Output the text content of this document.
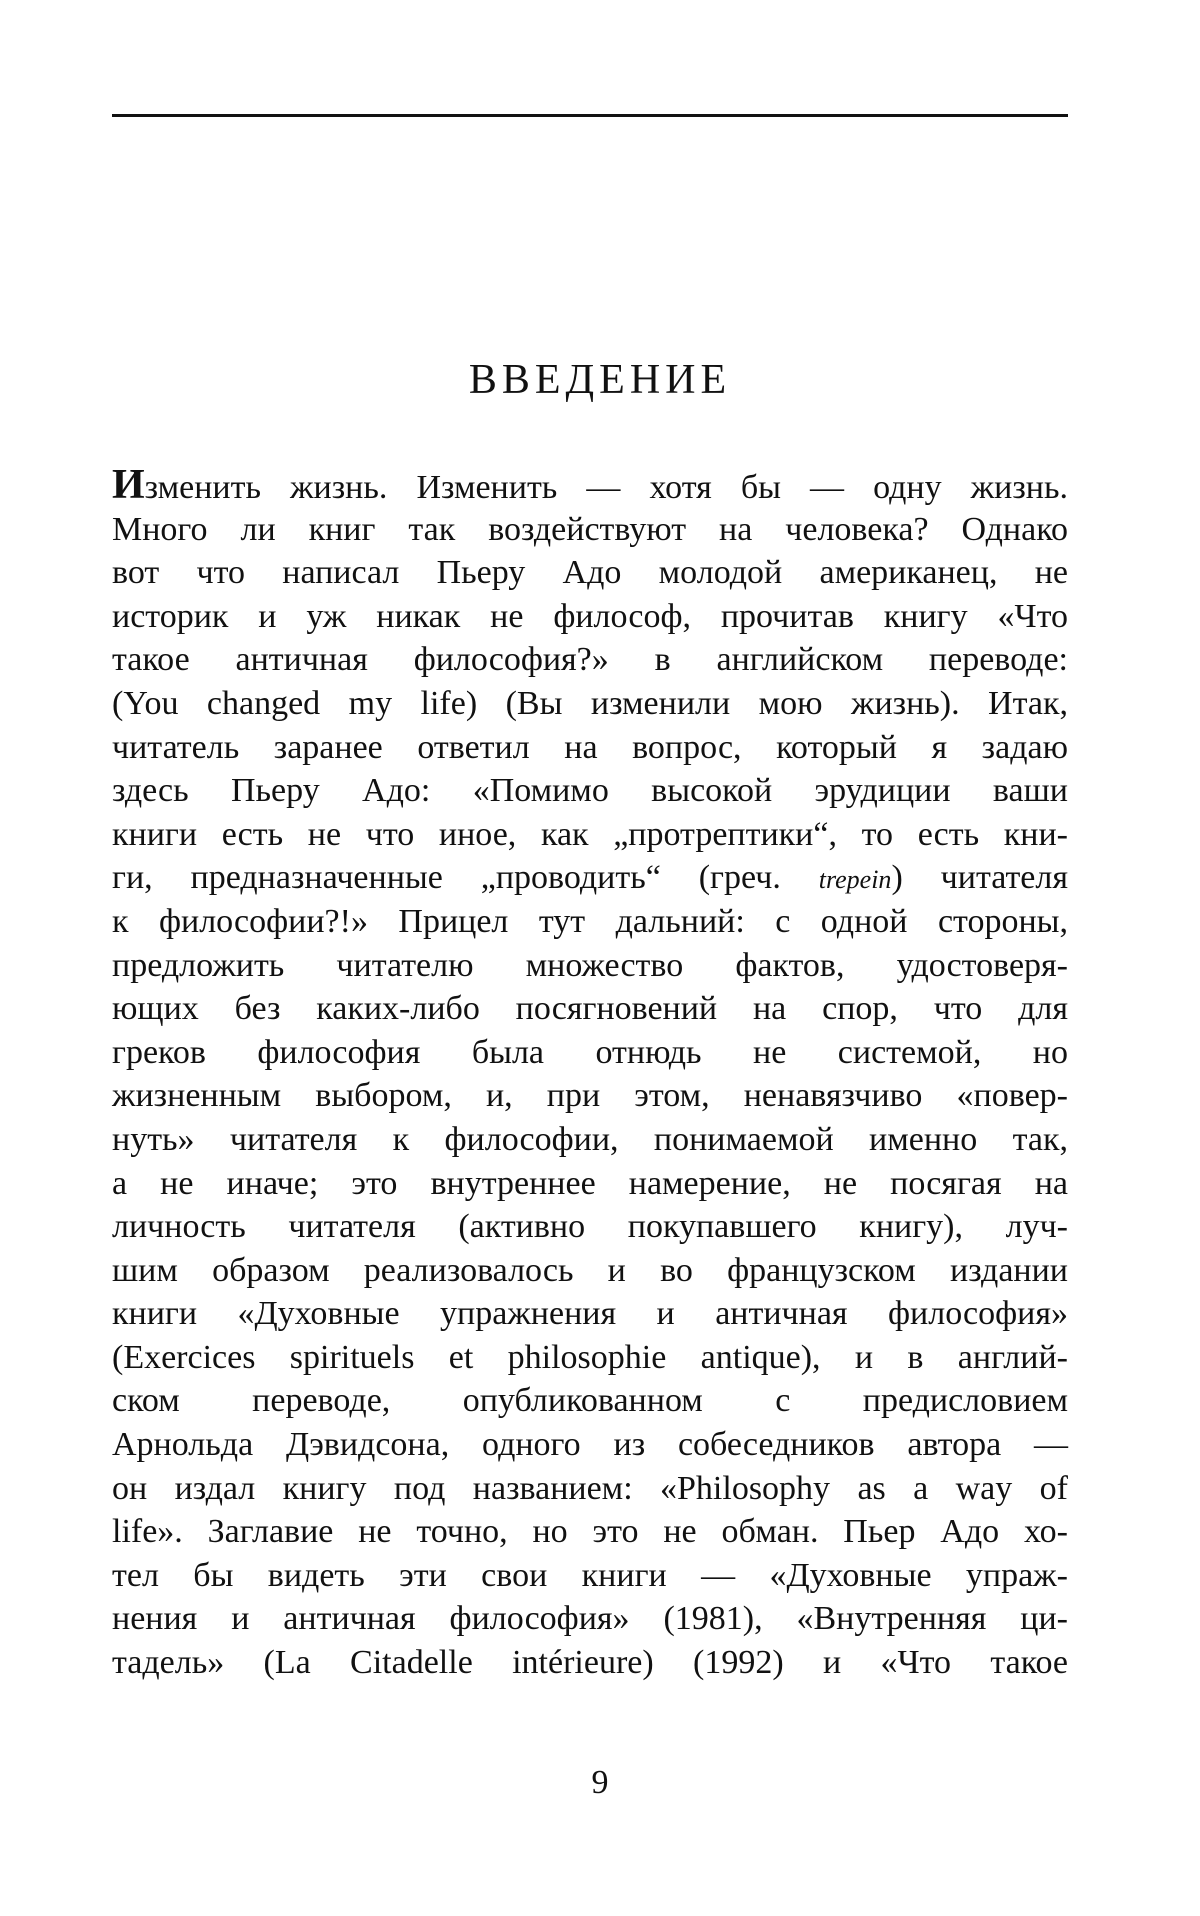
ВВЕДЕНИЕ
Изменить жизнь. Изменить — хотя бы — одну жизнь.
Много ли книг так воздействуют на человека? Однако
вот что написал Пьеру Адо молодой американец, не
историк и уж никак не философ, прочитав книгу «Что
такое античная философия?» в английском переводе:
(You changed my life) (Вы изменили мою жизнь). Итак,
читатель заранее ответил на вопрос, который я задаю
здесь Пьеру Адо: «Помимо высокой эрудиции ваши
книги есть не что иное, как „протрептики“, то есть кни-
ги, предназначенные „проводить“ (греч. trepein) читателя
к философии?!» Прицел тут дальний: с одной стороны,
предложить читателю множество фактов, удостоверя-
ющих без каких-либо посягновений на спор, что для
греков философия была отнюдь не системой, но
жизненным выбором, и, при этом, ненавязчиво «повер-
нуть» читателя к философии, понимаемой именно так,
а не иначе; это внутреннее намерение, не посягая на
личность читателя (активно покупавшего книгу), луч-
шим образом реализовалось и во французском издании
книги «Духовные упражнения и античная философия»
(Exercices spirituels et philosophie antique), и в англий-
ском переводе, опубликованном с предисловием
Арнольда Дэвидсона, одного из собеседников автора —
он издал книгу под названием: «Philosophy as a way of
life». Заглавие не точно, но это не обман. Пьер Адо хо-
тел бы видеть эти свои книги — «Духовные упраж-
нения и античная философия» (1981), «Внутренняя ци-
тадель» (La Citadelle intérieure) (1992) и «Что такое
9
